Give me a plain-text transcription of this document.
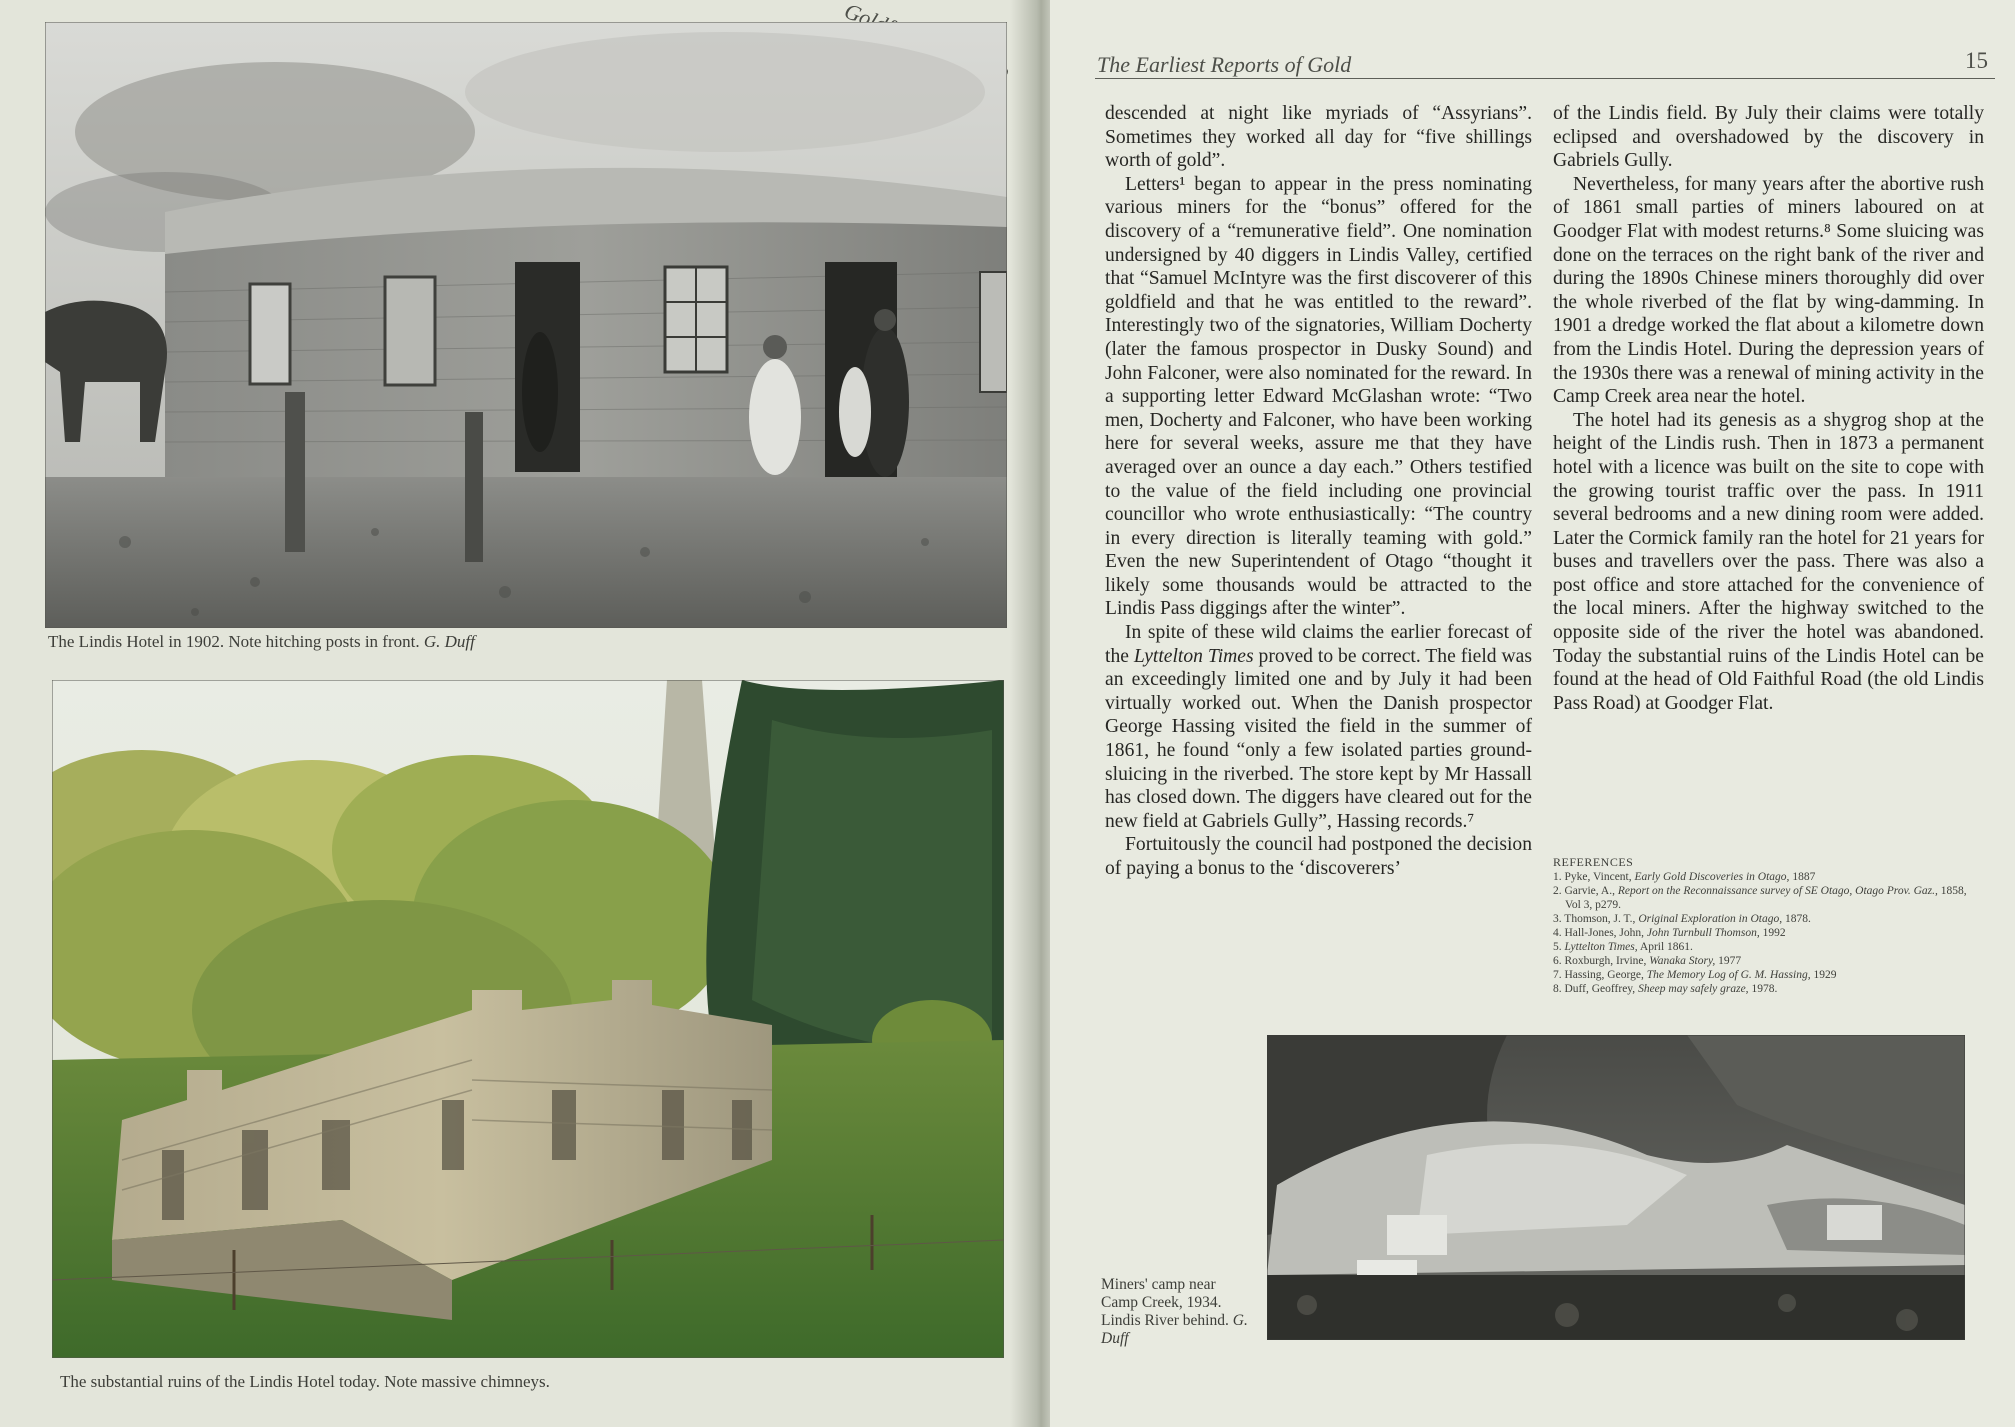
The Lindis Hotel in 1902. Note hitching posts in front. G. Duff
The substantial ruins of the Lindis Hotel today. Note massive chimneys.
The Earliest Reports of Gold	15

descended at night like myriads of “Assyrians”. Sometimes they worked all day for “five shillings worth of gold”.

Letters¹ began to appear in the press nominating various miners for the “bonus” offered for the discovery of a “remunerative field”. One nomination undersigned by 40 diggers in Lindis Valley, certified that “Samuel McIntyre was the first discoverer of this goldfield and that he was entitled to the reward”. Interestingly two of the signatories, William Docherty (later the famous prospector in Dusky Sound) and John Falconer, were also nominated for the reward. In a supporting letter Edward McGlashan wrote: “Two men, Docherty and Falconer, who have been working here for several weeks, assure me that they have averaged over an ounce a day each.” Others testified to the value of the field including one provincial councillor who wrote enthusiastically: “The country in every direction is literally teaming with gold.” Even the new Superintendent of Otago “thought it likely some thousands would be attracted to the Lindis Pass diggings after the winter”.

In spite of these wild claims the earlier forecast of the Lyttelton Times proved to be correct. The field was an exceedingly limited one and by July it had been virtually worked out. When the Danish prospector George Hassing visited the field in the summer of 1861, he found “only a few isolated parties ground-sluicing in the riverbed. The store kept by Mr Hassall has closed down. The diggers have cleared out for the new field at Gabriels Gully”, Hassing records.⁷

Fortuitously the council had postponed the decision of paying a bonus to the ‘discoverers’

of the Lindis field. By July their claims were totally eclipsed and overshadowed by the discovery in Gabriels Gully.

Nevertheless, for many years after the abortive rush of 1861 small parties of miners laboured on at Goodger Flat with modest returns.⁸ Some sluicing was done on the terraces on the right bank of the river and during the 1890s Chinese miners thoroughly did over the whole riverbed of the flat by wing-damming. In 1901 a dredge worked the flat about a kilometre down from the Lindis Hotel. During the depression years of the 1930s there was a renewal of mining activity in the Camp Creek area near the hotel.

The hotel had its genesis as a shygrog shop at the height of the Lindis rush. Then in 1873 a permanent hotel with a licence was built on the site to cope with the growing tourist traffic over the pass. In 1911 several bedrooms and a new dining room were added. Later the Cormick family ran the hotel for 21 years for buses and travellers over the pass. There was also a post office and store attached for the convenience of the local miners. After the highway switched to the opposite side of the river the hotel was abandoned. Today the substantial ruins of the Lindis Hotel can be found at the head of Old Faithful Road (the old Lindis Pass Road) at Goodger Flat.

REFERENCES
1. Pyke, Vincent, Early Gold Discoveries in Otago, 1887
2. Garvie, A., Report on the Reconnaissance survey of SE Otago, Otago Prov. Gaz., 1858, Vol 3, p279.
3. Thomson, J. T., Original Exploration in Otago, 1878.
4. Hall-Jones, John, John Turnbull Thomson, 1992
5. Lyttelton Times, April 1861.
6. Roxburgh, Irvine, Wanaka Story, 1977
7. Hassing, George, The Memory Log of G. M. Hassing, 1929
8. Duff, Geoffrey, Sheep may safely graze, 1978.
Miners' camp near Camp Creek, 1934. Lindis River behind. G. Duff
